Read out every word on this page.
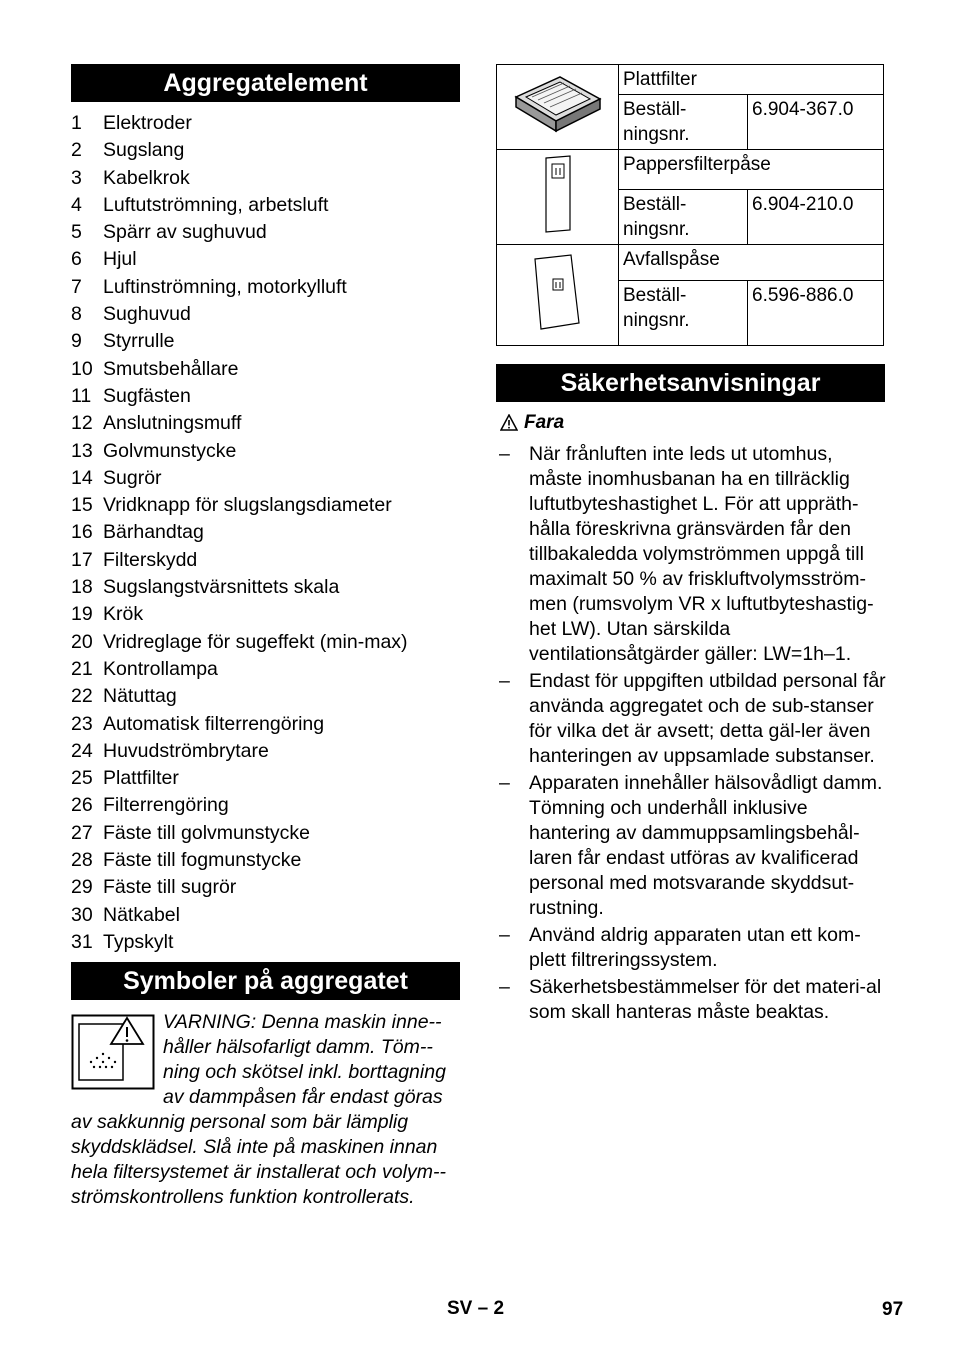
Aggregatelement
1 Elektroder
2 Sugslang
3 Kabelkrok
4 Luftutströmning, arbetsluft
5 Spärr av sughuvud
6 Hjul
7 Luftinströmning, motorkylluft
8 Sughuvud
9 Styrrulle
10 Smutsbehållare
11 Sugfästen
12 Anslutningsmuff
13 Golvmunstycke
14 Sugrör
15 Vridknapp för slugslangsdiameter
16 Bärhandtag
17 Filterskydd
18 Sugslangstvärsnittets skala
19 Krök
20 Vridreglage för sugeffekt (min-max)
21 Kontrollampa
22 Nätuttag
23 Automatisk filterrengöring
24 Huvudströmbrytare
25 Plattfilter
26 Filterrengöring
27 Fäste till golvmunstycke
28 Fäste till fogmunstycke
29 Fäste till sugrör
30 Nätkabel
31 Typskylt
Symboler på aggregatet

VARNING: Denna maskin inne-håller hälsofarligt damm. Töm-ning och skötsel inkl. borttagning av dammpåsen får endast göras av sakkunnig personal som bär lämplig skyddsklädsel. Slå inte på maskinen innan hela filtersystemet är installerat och volym-strömskontrollens funktion kontrollerats.

	Plattfilter	
	Beställ-ningsnr.	6.904-367.0
	Pappersfilterpåse	
	Beställ-ningsnr.	6.904-210.0
	Avfallspåse	
	Beställ-ningsnr.	6.596-886.0
Säkerhetsanvisningar
Fara
– När frånluften inte leds ut utomhus, måste inomhusbanan ha en tillräcklig luftutbyteshastighet L. För att uppräth-hålla föreskrivna gränsvärden får den tillbakaledda volymströmmen uppgå till maximalt 50 % av friskluftvolymsström-men (rumsvolym VR x luftutbyteshastig-het LW). Utan särskilda ventilationsåtgärder gäller: LW=1h–1.
– Endast för uppgiften utbildad personal får använda aggregatet och de sub-stanser för vilka det är avsett; detta gäl-ler även hanteringen av uppsamlade substanser.
– Apparaten innehåller hälsovådligt damm. Tömning och underhåll inklusive hantering av dammuppsamlingsbehål-laren får endast utföras av kvalificerad personal med motsvarande skyddsut-rustning.
– Använd aldrig apparaten utan ett kom-plett filtreringssystem.
– Säkerhetsbestämmelser för det materi-al som skall hanteras måste beaktas.
SV – 2	97
